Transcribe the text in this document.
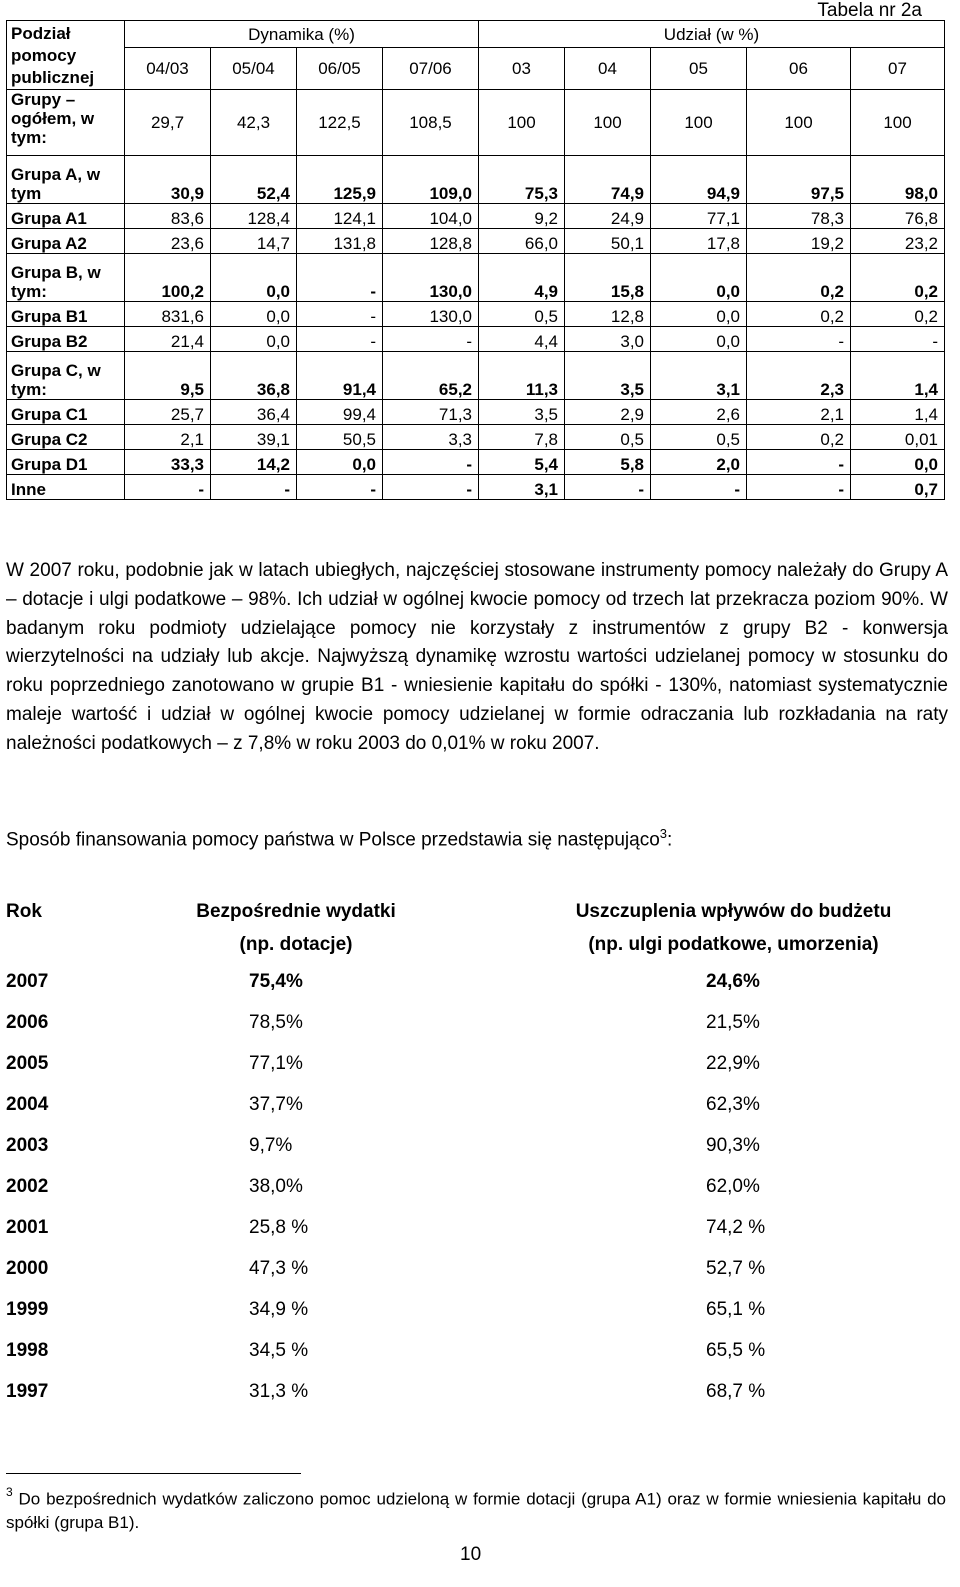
Tabela nr 2a
Podział pomocy publicznej	Dynamika (%)				Udział (w %)				
	04/03	05/04	06/05	07/06	03	04	05	06	07
Grupy – ogółem, w tym:	29,7	42,3	122,5	108,5	100	100	100	100	100
Grupa A, w tym	30,9	52,4	125,9	109,0	75,3	74,9	94,9	97,5	98,0
Grupa A1	83,6	128,4	124,1	104,0	9,2	24,9	77,1	78,3	76,8
Grupa A2	23,6	14,7	131,8	128,8	66,0	50,1	17,8	19,2	23,2
Grupa B, w tym:	100,2	0,0	-	130,0	4,9	15,8	0,0	0,2	0,2
Grupa B1	831,6	0,0	-	130,0	0,5	12,8	0,0	0,2	0,2
Grupa B2	21,4	0,0	-	-	4,4	3,0	0,0	-	-
Grupa C, w tym:	9,5	36,8	91,4	65,2	11,3	3,5	3,1	2,3	1,4
Grupa C1	25,7	36,4	99,4	71,3	3,5	2,9	2,6	2,1	1,4
Grupa C2	2,1	39,1	50,5	3,3	7,8	0,5	0,5	0,2	0,01
Grupa D1	33,3	14,2	0,0	-	5,4	5,8	2,0	-	0,0
Inne	-	-	-	-	3,1	-	-	-	0,7

W 2007 roku, podobnie jak w latach ubiegłych, najczęściej stosowane instrumenty pomocy należały do Grupy A – dotacje i ulgi podatkowe – 98%. Ich udział w ogólnej kwocie pomocy od trzech lat przekracza poziom 90%. W badanym roku podmioty udzielające pomocy nie korzystały z instrumentów z grupy B2 - konwersja wierzytelności na udziały lub akcje. Najwyższą dynamikę wzrostu wartości udzielanej pomocy w stosunku do roku poprzedniego zanotowano w grupie B1 - wniesienie kapitału do spółki - 130%, natomiast systematycznie maleje wartość i udział w ogólnej kwocie pomocy udzielanej w formie odraczania lub rozkładania na raty należności podatkowych – z 7,8% w roku 2003 do 0,01% w roku 2007.

Sposób finansowania pomocy państwa w Polsce przedstawia się następująco$^3$:
Rok	Bezpośrednie wydatki
(np. dotacje)
Uszczuplenia wpływów do budżetu
(np. ulgi podatkowe, umorzenia)
2007	75,4%	24,6%
2006	78,5%	21,5%
2005	77,1%	22,9%
2004	37,7%	62,3%
2003	9,7%	90,3%
2002	38,0%	62,0%
2001	25,8 %	74,2 %
2000	47,3 %	52,7 %
1999	34,9 %	65,1 %
1998	34,5 %	65,5 %
1997	31,3 %	68,7 %
$^3$ Do bezpośrednich wydatków zaliczono pomoc udzieloną w formie dotacji (grupa A1) oraz w formie wniesienia kapitału do spółki (grupa B1).
10
